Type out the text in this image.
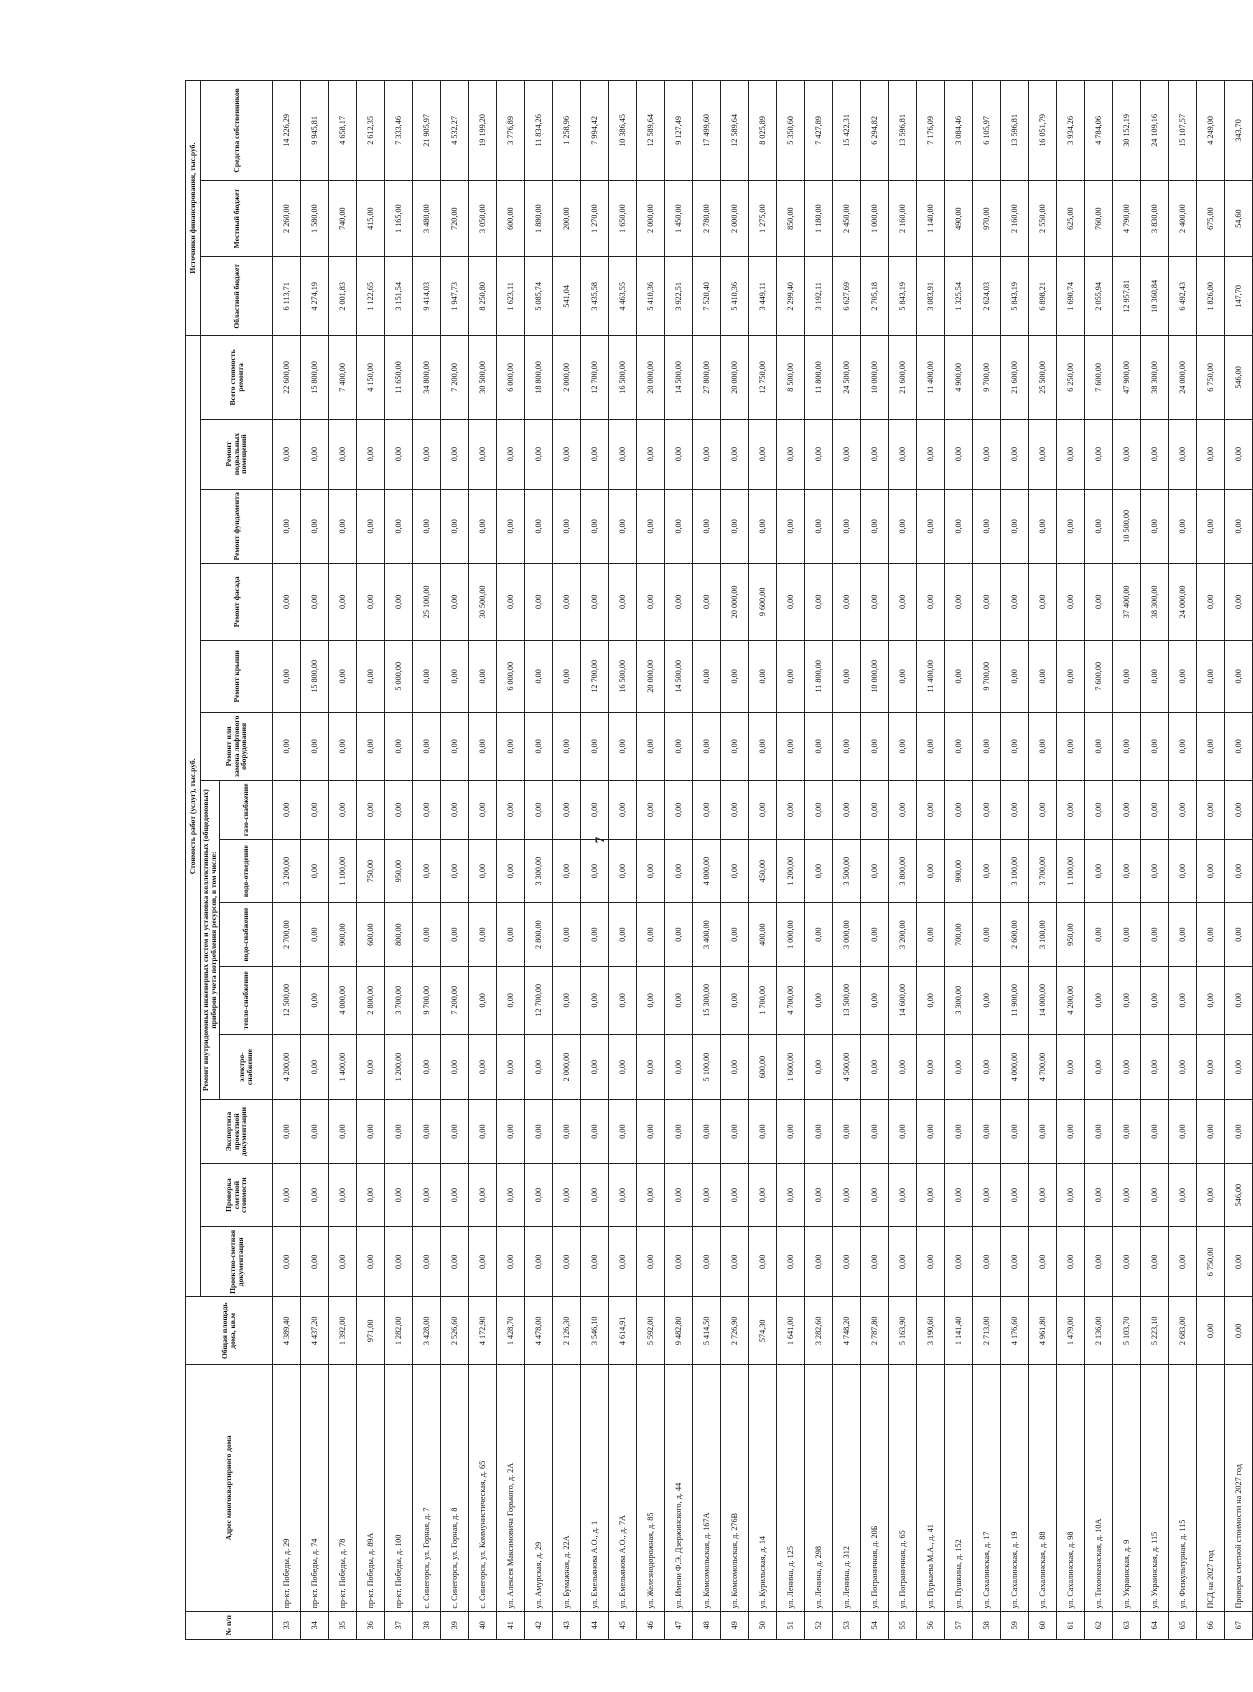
7
№ п/п	Адрес многоквартирного дома	Общая площадь дома, кв.м	Стоимость работ (услуг), тыс.руб.														Источники финансирования, тыс.руб.		
			Проектно-сметная документация	Проверка сметной стоимости	Экспертиза проектной документации	Ремонт внутридомовых инженерных систем и установка коллективных (общедомовых) приборов учета потребления ресурсов, в том числе:					Ремонт или замена лифтового оборудования	Ремонт крыши	Ремонт фасада	Ремонт фундамента	Ремонт подвальных помещений	Всего стоимость ремонта	Областной бюджет	Местный бюджет	Средства собственников
						электро-снабжение	тепло-снабжение	водо-снабжение	водо-отведение	газо-снабжение									
33	пр-кт. Победы, д. 29	4 389,40	0,00	0,00	0,00	4 200,00	12 500,00	2 700,00	3 200,00	0,00	0,00	0,00	0,00	0,00	0,00	22 600,00	6 113,71	2 260,00	14 226,29
34	пр-кт. Победы, д. 74	4 437,20	0,00	0,00	0,00	0,00	0,00	0,00	0,00	0,00	0,00	15 800,00	0,00	0,00	0,00	15 800,00	4 274,19	1 580,00	9 945,81
35	пр-кт. Победы, д. 78	1 392,00	0,00	0,00	0,00	1 400,00	4 000,00	900,00	1 100,00	0,00	0,00	0,00	0,00	0,00	0,00	7 400,00	2 001,83	740,00	4 658,17
36	пр-кт. Победы, д. 89А	971,00	0,00	0,00	0,00	0,00	2 800,00	600,00	750,00	0,00	0,00	0,00	0,00	0,00	0,00	4 150,00	1 122,65	415,00	2 612,35
37	пр-кт. Победы, д. 100	1 282,00	0,00	0,00	0,00	1 200,00	3 700,00	800,00	950,00	0,00	0,00	5 000,00	0,00	0,00	0,00	11 650,00	3 151,54	1 165,00	7 333,46
38	с. Синегорск, ул. Горная, д. 7	3 428,00	0,00	0,00	0,00	0,00	9 700,00	0,00	0,00	0,00	0,00	0,00	25 100,00	0,00	0,00	34 800,00	9 414,03	3 480,00	21 905,97
39	с. Синегорск, ул. Горная, д. 8	2 526,60	0,00	0,00	0,00	0,00	7 200,00	0,00	0,00	0,00	0,00	0,00	0,00	0,00	0,00	7 200,00	1 947,73	720,00	4 532,27
40	с. Синегорск, ул. Коммунистическая, д. 65	4 172,90	0,00	0,00	0,00	0,00	0,00	0,00	0,00	0,00	0,00	0,00	30 500,00	0,00	0,00	30 500,00	8 250,80	3 050,00	19 199,20
41	ул. Алексея Максимовича Горького, д. 2А	1 428,70	0,00	0,00	0,00	0,00	0,00	0,00	0,00	0,00	0,00	6 000,00	0,00	0,00	0,00	6 000,00	1 623,11	600,00	3 776,89
42	ул. Амурская, д. 29	4 478,00	0,00	0,00	0,00	0,00	12 700,00	2 800,00	3 300,00	0,00	0,00	0,00	0,00	0,00	0,00	18 800,00	5 085,74	1 880,00	11 834,26
43	ул. Бумажная, д. 22А	2 126,30	0,00	0,00	0,00	2 000,00	0,00	0,00	0,00	0,00	0,00	0,00	0,00	0,00	0,00	2 000,00	541,04	200,00	1 258,96
44	ул. Емельянова А.О., д. 1	3 546,10	0,00	0,00	0,00	0,00	0,00	0,00	0,00	0,00	0,00	12 700,00	0,00	0,00	0,00	12 700,00	3 435,58	1 270,00	7 994,42
45	ул. Емельянова А.О., д. 7А	4 614,91	0,00	0,00	0,00	0,00	0,00	0,00	0,00	0,00	0,00	16 500,00	0,00	0,00	0,00	16 500,00	4 463,55	1 650,00	10 386,45
46	ул. Железнодорожная, д. 85	5 592,00	0,00	0,00	0,00	0,00	0,00	0,00	0,00	0,00	0,00	20 000,00	0,00	0,00	0,00	20 000,00	5 410,36	2 000,00	12 589,64
47	ул. Имени Ф.Э. Дзержинского, д. 44	9 482,80	0,00	0,00	0,00	0,00	0,00	0,00	0,00	0,00	0,00	14 500,00	0,00	0,00	0,00	14 500,00	3 922,51	1 450,00	9 127,49
48	ул. Комсомольская, д. 167А	5 414,50	0,00	0,00	0,00	5 100,00	15 300,00	3 400,00	4 000,00	0,00	0,00	0,00	0,00	0,00	0,00	27 800,00	7 520,40	2 780,00	17 499,60
49	ул. Комсомольская, д. 276В	2 726,90	0,00	0,00	0,00	0,00	0,00	0,00	0,00	0,00	0,00	0,00	20 000,00	0,00	0,00	20 000,00	5 410,36	2 000,00	12 589,64
50	ул. Курильская, д. 14	574,30	0,00	0,00	0,00	600,00	1 700,00	400,00	450,00	0,00	0,00	0,00	9 600,00	0,00	0,00	12 750,00	3 449,11	1 275,00	8 025,89
51	ул. Ленина, д. 125	1 641,00	0,00	0,00	0,00	1 600,00	4 700,00	1 000,00	1 200,00	0,00	0,00	0,00	0,00	0,00	0,00	8 500,00	2 299,40	850,00	5 350,60
52	ул. Ленина, д. 298	3 282,60	0,00	0,00	0,00	0,00	0,00	0,00	0,00	0,00	0,00	11 800,00	0,00	0,00	0,00	11 800,00	3 192,11	1 180,00	7 427,89
53	ул. Ленина, д. 312	4 748,20	0,00	0,00	0,00	4 500,00	13 500,00	3 000,00	3 500,00	0,00	0,00	0,00	0,00	0,00	0,00	24 500,00	6 627,69	2 450,00	15 422,31
54	ул. Пограничная, д. 20Б	2 787,80	0,00	0,00	0,00	0,00	0,00	0,00	0,00	0,00	0,00	10 000,00	0,00	0,00	0,00	10 000,00	2 705,18	1 000,00	6 294,82
55	ул. Пограничная, д. 65	5 163,90	0,00	0,00	0,00	0,00	14 600,00	3 200,00	3 800,00	0,00	0,00	0,00	0,00	0,00	0,00	21 600,00	5 843,19	2 160,00	13 596,81
56	ул. Пуркаева М.А., д. 41	3 190,60	0,00	0,00	0,00	0,00	0,00	0,00	0,00	0,00	0,00	11 400,00	0,00	0,00	0,00	11 400,00	3 083,91	1 140,00	7 176,09
57	ул. Пушкина, д. 152	1 141,40	0,00	0,00	0,00	0,00	3 300,00	700,00	900,00	0,00	0,00	0,00	0,00	0,00	0,00	4 900,00	1 325,54	490,00	3 084,46
58	ул. Сахалинская, д. 17	2 713,00	0,00	0,00	0,00	0,00	0,00	0,00	0,00	0,00	0,00	9 700,00	0,00	0,00	0,00	9 700,00	2 624,03	970,00	6 105,97
59	ул. Сахалинская, д. 19	4 176,60	0,00	0,00	0,00	4 000,00	11 900,00	2 600,00	3 100,00	0,00	0,00	0,00	0,00	0,00	0,00	21 600,00	5 843,19	2 160,00	13 596,81
60	ул. Сахалинская, д. 88	4 961,80	0,00	0,00	0,00	4 700,00	14 000,00	3 100,00	3 700,00	0,00	0,00	0,00	0,00	0,00	0,00	25 500,00	6 898,21	2 550,00	16 051,79
61	ул. Сахалинская, д. 98	1 479,00	0,00	0,00	0,00	0,00	4 200,00	950,00	1 100,00	0,00	0,00	0,00	0,00	0,00	0,00	6 250,00	1 690,74	625,00	3 934,26
62	ул. Тихоокеанская, д. 10А	2 136,00	0,00	0,00	0,00	0,00	0,00	0,00	0,00	0,00	0,00	7 600,00	0,00	0,00	0,00	7 600,00	2 055,94	760,00	4 784,06
63	ул. Украинская, д. 9	5 103,70	0,00	0,00	0,00	0,00	0,00	0,00	0,00	0,00	0,00	0,00	37 400,00	10 500,00	0,00	47 900,00	12 957,81	4 790,00	30 152,19
64	ул. Украинская, д. 115	5 223,10	0,00	0,00	0,00	0,00	0,00	0,00	0,00	0,00	0,00	0,00	38 300,00	0,00	0,00	38 300,00	10 360,84	3 830,00	24 109,16
65	ул. Физкультурная, д. 115	2 683,00	0,00	0,00	0,00	0,00	0,00	0,00	0,00	0,00	0,00	0,00	24 000,00	0,00	0,00	24 000,00	6 492,43	2 400,00	15 107,57
66	ПСД на 2027 год	0,00	6 750,00	0,00	0,00	0,00	0,00	0,00	0,00	0,00	0,00	0,00	0,00	0,00	0,00	6 750,00	1 826,00	675,00	4 249,00
67	Проверка сметной стоимости на 2027 год	0,00	0,00	546,00	0,00	0,00	0,00	0,00	0,00	0,00	0,00	0,00	0,00	0,00	0,00	546,00	147,70	54,60	343,70
